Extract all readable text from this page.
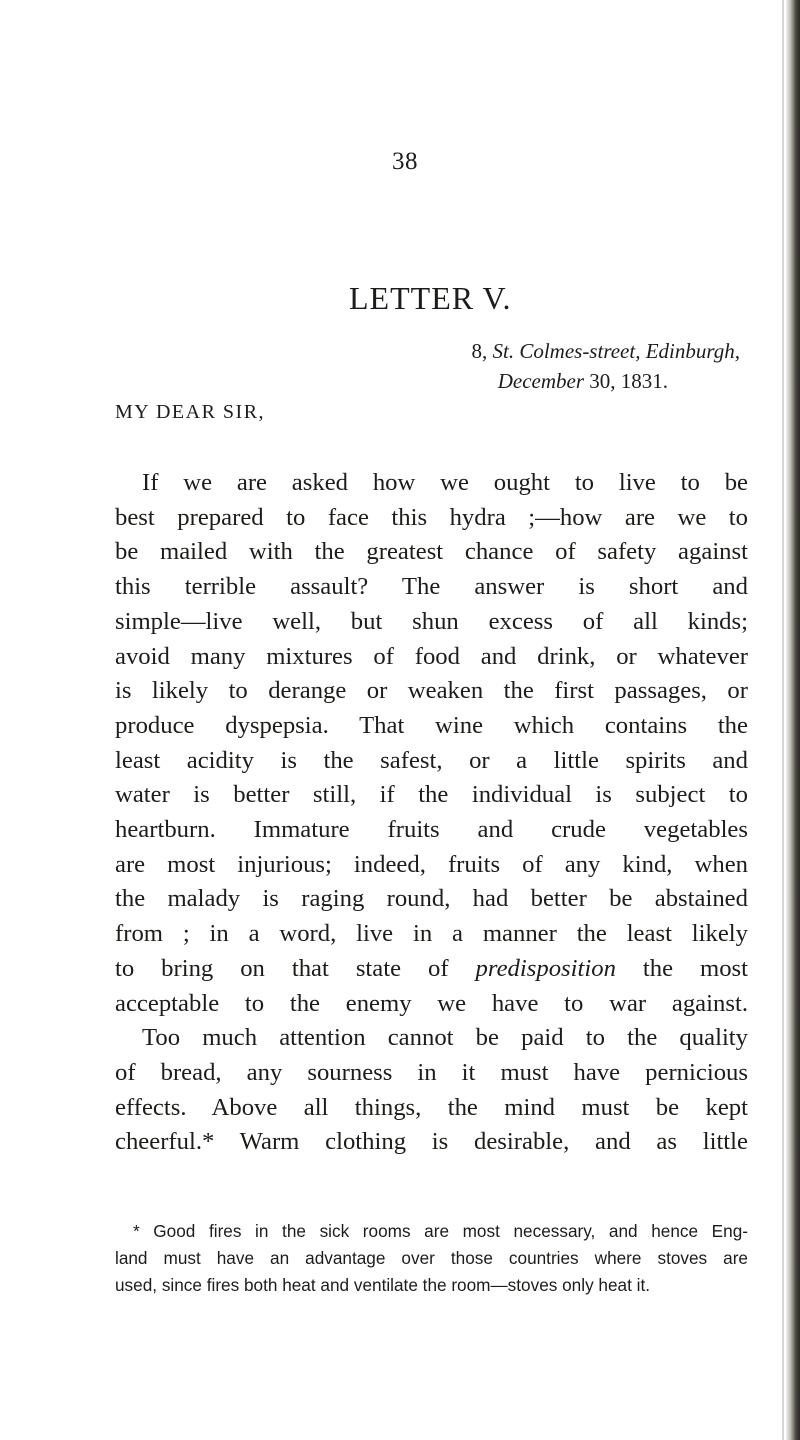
38
LETTER V.
8, St. Colmes-street, Edinburgh,
December 30, 1831.
MY DEAR SIR,
If we are asked how we ought to live to be
best prepared to face this hydra ;—how are we to
be mailed with the greatest chance of safety against
this terrible assault? The answer is short and
simple—live well, but shun excess of all kinds;
avoid many mixtures of food and drink, or whatever
is likely to derange or weaken the first passages, or
produce dyspepsia. That wine which contains the
least acidity is the safest, or a little spirits and
water is better still, if the individual is subject to
heartburn. Immature fruits and crude vegetables
are most injurious; indeed, fruits of any kind, when
the malady is raging round, had better be abstained
from ; in a word, live in a manner the least likely
to bring on that state of predisposition the most
acceptable to the enemy we have to war against.
Too much attention cannot be paid to the quality
of bread, any sourness in it must have pernicious
effects. Above all things, the mind must be kept
cheerful.* Warm clothing is desirable, and as little
* Good fires in the sick rooms are most necessary, and hence Eng-
land must have an advantage over those countries where stoves are
used, since fires both heat and ventilate the room—stoves only heat it.
